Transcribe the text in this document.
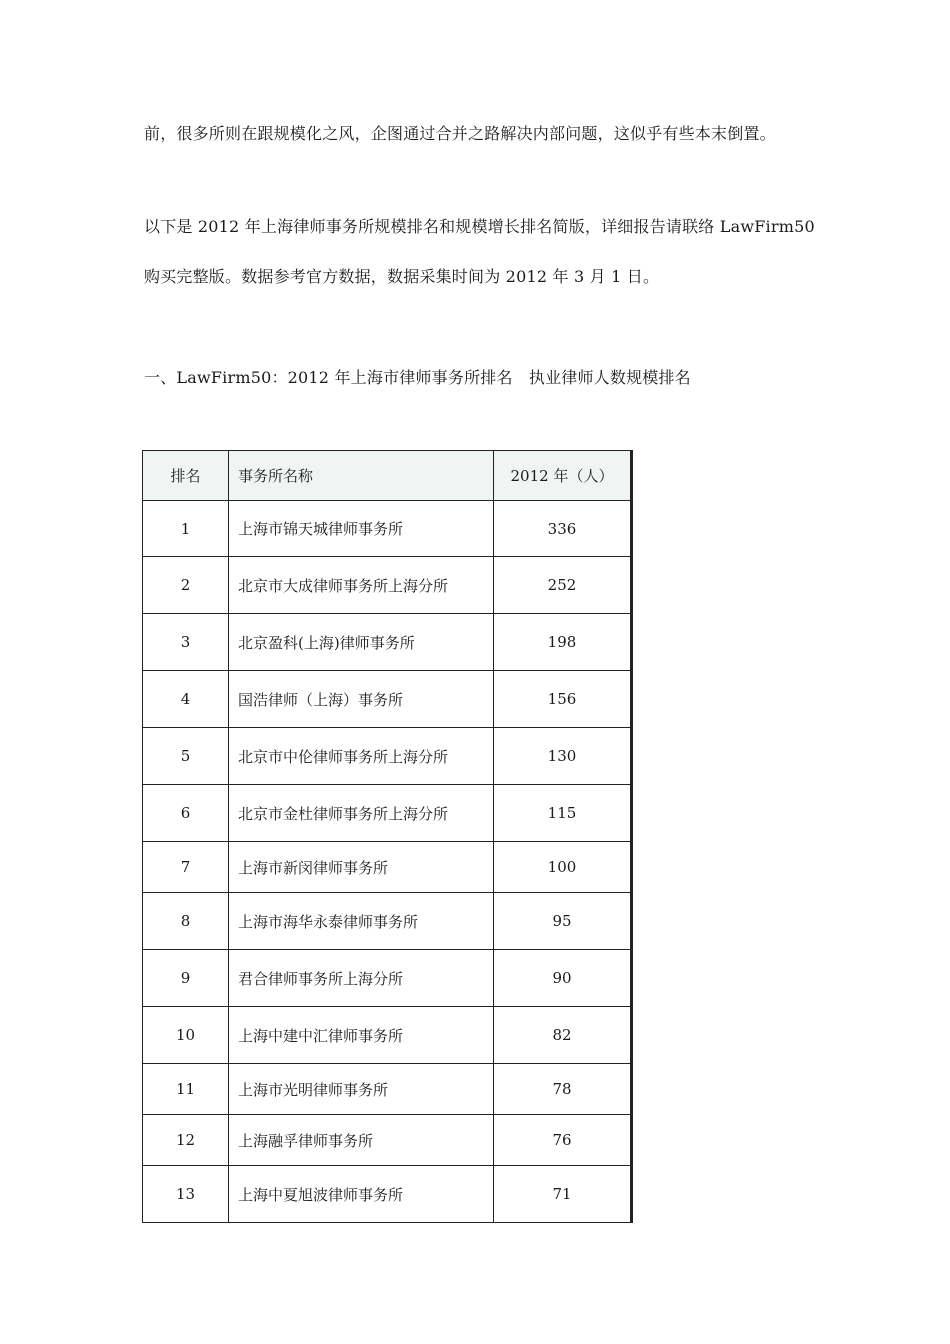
前，很多所则在跟规模化之风，企图通过合并之路解决内部问题，这似乎有些本末倒置。
以下是 2012 年上海律师事务所规模排名和规模增长排名简版，详细报告请联络 LawFirm50
购买完整版。数据参考官方数据，数据采集时间为 2012 年 3 月 1 日。
一、LawFirm50：2012 年上海市律师事务所排名　执业律师人数规模排名
排名	事务所名称	2012 年（人）
1	上海市锦天城律师事务所	336
2	北京市大成律师事务所上海分所	252
3	北京盈科(上海)律师事务所	198
4	国浩律师（上海）事务所	156
5	北京市中伦律师事务所上海分所	130
6	北京市金杜律师事务所上海分所	115
7	上海市新闵律师事务所	100
8	上海市海华永泰律师事务所	95
9	君合律师事务所上海分所	90
10	上海中建中汇律师事务所	82
11	上海市光明律师事务所	78
12	上海融孚律师事务所	76
13	上海中夏旭波律师事务所	71
